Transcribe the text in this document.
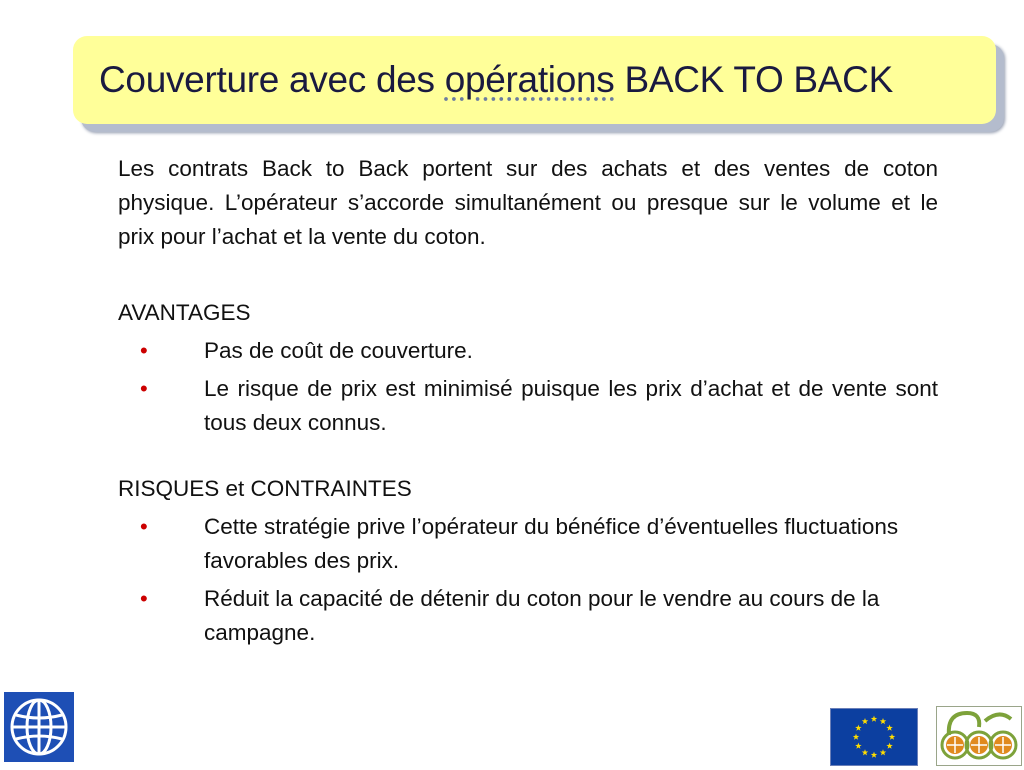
Couverture avec des opérations BACK TO BACK

Les contrats Back to Back portent sur des achats et des ventes de coton physique. L’opérateur s’accorde simultanément ou presque sur le volume et le prix pour l’achat et la vente du coton.

AVANTAGES

•	Pas de coût de couverture.
•	Le risque de prix est minimisé puisque les prix d’achat et de vente sont tous deux connus.

RISQUES et CONTRAINTES

•	Cette stratégie prive l’opérateur du bénéfice d’éventuelles fluctuations favorables des prix.
•	Réduit la capacité de détenir du coton pour le vendre au cours de la campagne.
